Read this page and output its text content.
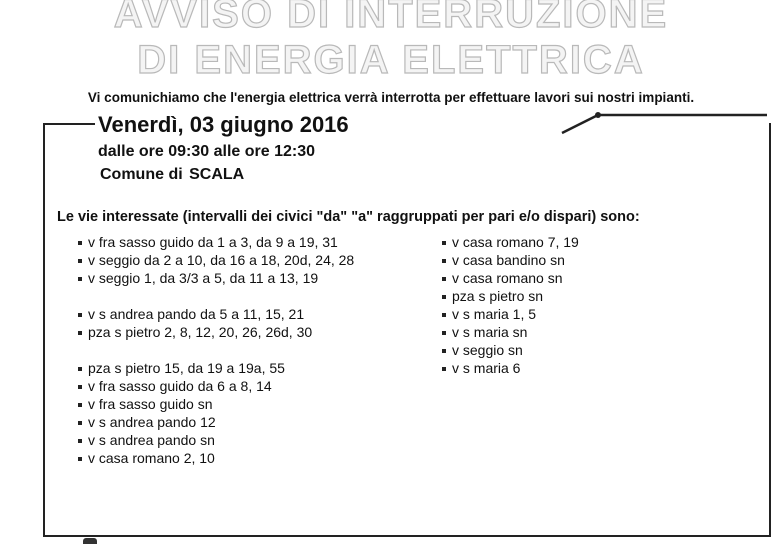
AVVISO DI INTERRUZIONE
DI ENERGIA ELETTRICA
Vi comunichiamo che l'energia elettrica verrà interrotta per effettuare lavori sui nostri impianti.
Venerdì, 03 giugno 2016
dalle ore 09:30 alle ore 12:30
Comune di SCALA
Le vie interessate (intervalli dei civici "da" "a" raggruppati per pari e/o dispari) sono:
v fra sasso guido da 1 a 3, da 9 a 19, 31
v seggio da 2 a 10, da 16 a 18, 20d, 24, 28
v seggio 1, da 3/3 a 5, da 11 a 13, 19
v s andrea pando da 5 a 11, 15, 21
pza s pietro 2, 8, 12, 20, 26, 26d, 30
pza s pietro 15, da 19 a 19a, 55
v fra sasso guido da 6 a 8, 14
v fra sasso guido sn
v s andrea pando 12
v s andrea pando sn
v casa romano 2, 10
v casa romano 7, 19
v casa bandino sn
v casa romano sn
pza s pietro sn
v s maria 1, 5
v s maria sn
v seggio sn
v s maria 6
